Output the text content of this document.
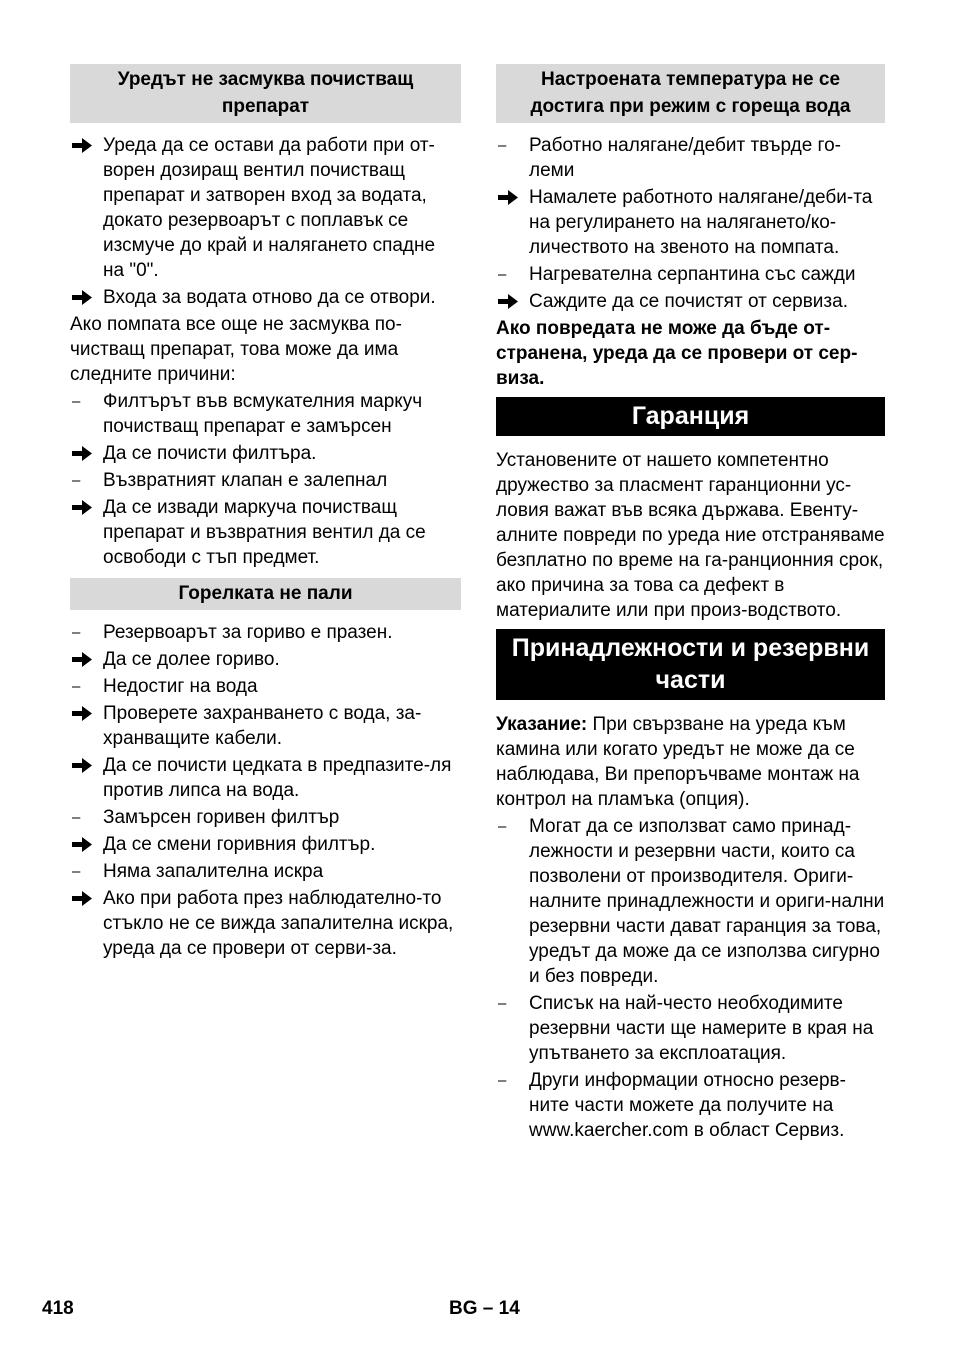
Уредът не засмуква почистващ препарат
Уреда да се остави да работи при от-ворен дозиращ вентил почистващ препарат и затворен вход за водата, докато резервоарът с поплавък се изсмуче до край и налягането спадне на "0".
Входа за водата отново да се отвори.
Ако помпата все още не засмуква по-чистващ препарат, това може да има следните причини:
–	Филтърът във всмукателния маркуч почистващ препарат е замърсен
Да се почисти филтъра.
–	Възвратният клапан е залепнал
Да се извади маркуча почистващ препарат и възвратния вентил да се освободи с тъп предмет.
Горелката не пали
–	Резервоарът за гориво е празен.
Да се долее гориво.
–	Недостиг на вода
Проверете захранването с вода, за-хранващите кабели.
Да се почисти цедката в предпазите-ля против липса на вода.
–	Замърсен горивен филтър
Да се смени горивния филтър.
–	Няма запалителна искра
Ако при работа през наблюдателно-то стъкло не се вижда запалителна искра, уреда да се провери от серви-за.
Настроената температура не се достига при режим с гореща вода
–	Работно налягане/дебит твърде го-леми
Намалете работното налягане/деби-та на регулирането на налягането/ко-личеството на звеното на помпата.
–	Нагревателна серпантина със сажди
Саждите да се почистят от сервиза.
Ако повредата не може да бъде от-странена, уреда да се провери от сер-виза.
Гаранция
Установените от нашето компетентно дружество за пласмент гаранционни ус-ловия важат във всяка държава. Евенту-алните повреди по уреда ние отстраняваме безплатно по време на га-ранционния срок, ако причина за това са дефект в материалите или при произ-водството.
Принадлежности и резервни части
Указание: При свързване на уреда към камина или когато уредът не може да се наблюдава, Ви препоръчваме монтаж на контрол на пламъка (опция).
–	Могат да се използват само принад-лежности и резервни части, които са позволени от производителя. Ориги-налните принадлежности и ориги-нални резервни части дават гаранция за това, уредът да може да се използва сигурно и без повреди.
–	Списък на най-често необходимите резервни части ще намерите в края на упътването за експлоатация.
–	Други информации относно резерв-ните части можете да получите на www.kaercher.com в област Сервиз.
418	BG – 14
